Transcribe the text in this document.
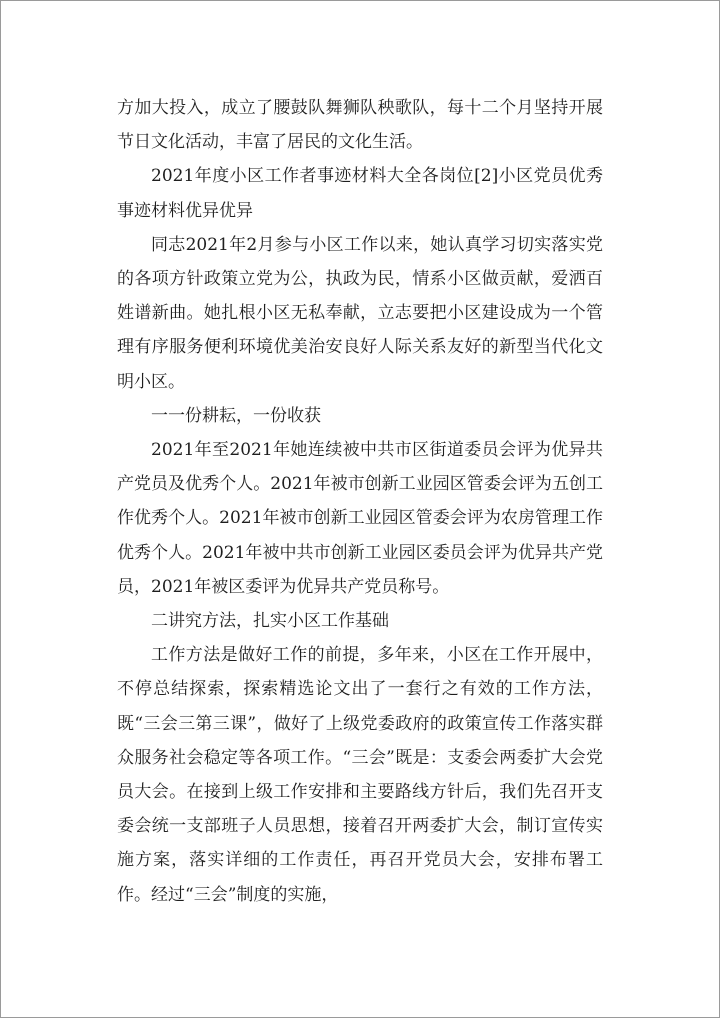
方加大投入，成立了腰鼓队舞狮队秧歌队，每十二个月坚持开展节日文化活动，丰富了居民的文化生活。

2021年度小区工作者事迹材料大全各岗位[2]小区党员优秀事迹材料优异优异

同志2021年2月参与小区工作以来，她认真学习切实落实党的各项方针政策立党为公，执政为民，情系小区做贡献，爱洒百姓谱新曲。她扎根小区无私奉献，立志要把小区建设成为一个管理有序服务便利环境优美治安良好人际关系友好的新型当代化文明小区。

一一份耕耘，一份收获

2021年至2021年她连续被中共市区街道委员会评为优异共产党员及优秀个人。2021年被市创新工业园区管委会评为五创工作优秀个人。2021年被市创新工业园区管委会评为农房管理工作优秀个人。2021年被中共市创新工业园区委员会评为优异共产党员，2021年被区委评为优异共产党员称号。

二讲究方法，扎实小区工作基础

工作方法是做好工作的前提，多年来，小区在工作开展中，不停总结探索，探索精选论文出了一套行之有效的工作方法，既“三会三第三课”，做好了上级党委政府的政策宣传工作落实群众服务社会稳定等各项工作。“三会”既是：支委会两委扩大会党员大会。在接到上级工作安排和主要路线方针后，我们先召开支委会统一支部班子人员思想，接着召开两委扩大会，制订宣传实施方案，落实详细的工作责任，再召开党员大会，安排布署工作。经过“三会”制度的实施，
